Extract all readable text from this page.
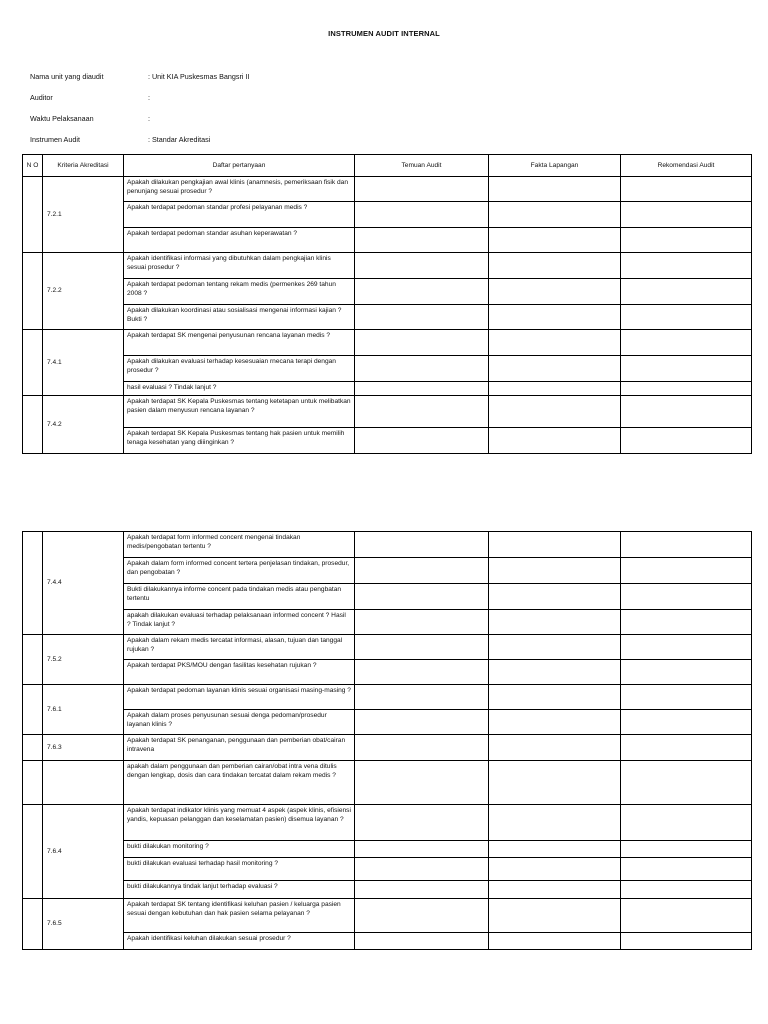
INSTRUMEN AUDIT INTERNAL
Nama unit yang diaudit	: Unit KIA Puskesmas Bangsri II
Auditor	:
Waktu Pelaksanaan	:
Instrumen Audit	: Standar Akreditasi
N O	Kriteria Akreditasi	Daftar pertanyaan	Temuan Audit	Fakta Lapangan	Rekomendasi Audit
	7.2.1	Apakah dilakukan pengkajian awal klinis (anamnesis, pemeriksaan fisik dan penunjang sesuai prosedur ?			
		Apakah terdapat pedoman standar profesi pelayanan medis ?			
		Apakah terdapat pedoman standar asuhan keperawatan ?			
	7.2.2	Apakah identifikasi informasi yang dibutuhkan dalam pengkajian klinis sesuai prosedur ?			
		Apakah terdapat pedoman tentang rekam medis (permenkes 269 tahun 2008 ?			
		Apakah dilakukan koordinasi atau sosialisasi mengenai informasi kajian ? Bukti ?			
	7.4.1	Apakah terdapat SK mengenai penyusunan rencana layanan medis ?			
		Apakah dilakukan evaluasi terhadap kesesuaian rnecana terapi dengan prosedur ?			
		hasil evaluasi ? Tindak lanjut ?			
	7.4.2	Apakah terdapat SK Kepala Puskesmas tentang ketetapan untuk melibatkan pasien dalam menyusun rencana layanan ?			
		Apakah terdapat SK Kepala Puskesmas tentang hak pasien untuk memilih tenaga kesehatan yang diiinginkan ?			
	7.4.4	Apakah terdapat form informed concent mengenai tindakan medis/pengobatan tertentu ?			
		Apakah dalam form informed concent tertera penjelasan tindakan, prosedur, dan pengobatan ?			
		Bukti dilakukannya informe concent pada tindakan medis atau pengbatan tertentu			
		apakah dilakukan evaluasi terhadap pelaksanaan informed concent ? Hasil ? Tindak lanjut ?			
	7.5.2	Apakah dalam rekam medis tercatat informasi, alasan, tujuan dan tanggal rujukan ?			
		Apakah terdapat PKS/MOU dengan fasilitas kesehatan rujukan ?			
	7.6.1	Apakah terdapat pedoman layanan klinis sesuai organisasi masing-masing ?			
		Apakah dalam proses penyusunan sesuai denga pedoman/prosedur layanan klinis ?			
	7.6.3	Apakah terdapat SK penanganan, penggunaan dan pemberian obat/cairan intravena			
		apakah dalam penggunaan dan pemberian cairan/obat intra vena ditulis dengan lengkap, dosis dan cara tindakan tercatat dalam rekam medis ?			
	7.6.4	Apakah terdapat indikator klinis yang memuat 4 aspek (aspek klinis, efisiensi yandis, kepuasan pelanggan dan keselamatan pasien) disemua layanan ?			
		bukti dilakukan monitoring ?			
		bukti dilakukan evaluasi terhadap hasil monitoring ?			
		bukti dilakukannya tindak lanjut terhadap evaluasi ?			
	7.6.5	Apakah terdapat SK tentang identifikasi keluhan pasien / keluarga pasien sesuai dengan kebutuhan dan hak pasien selama pelayanan ?			
		Apakah identifikasi keluhan dilakukan sesuai prosedur ?			
